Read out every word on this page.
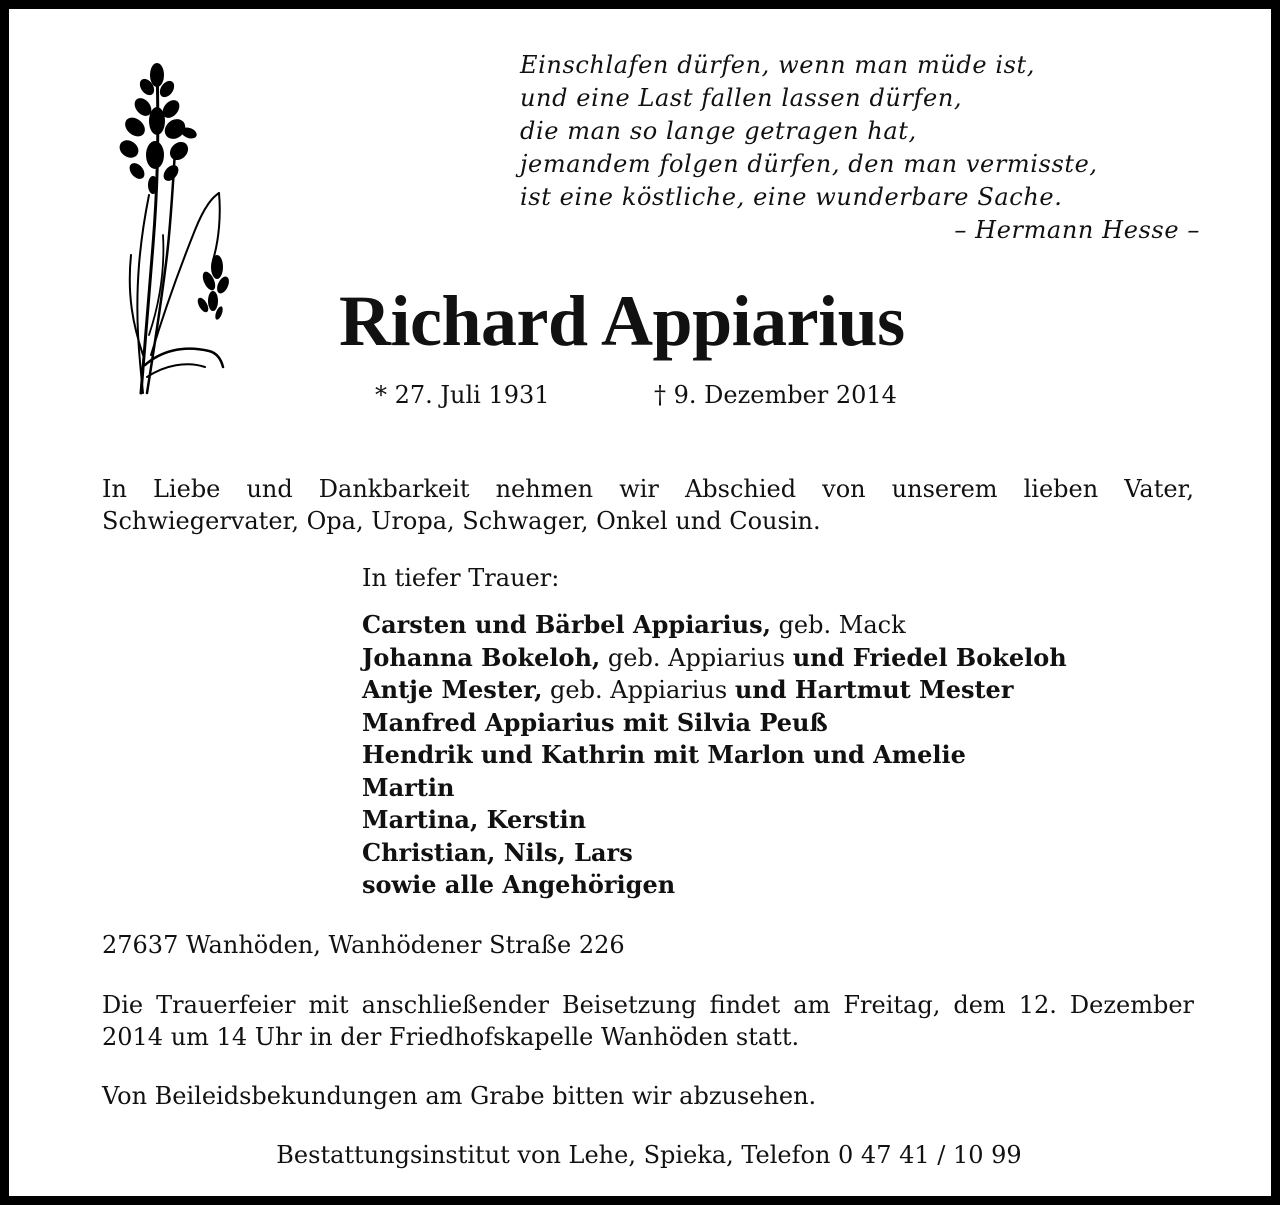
Einschlafen dürfen, wenn man müde ist,
und eine Last fallen lassen dürfen,
die man so lange getragen hat,
jemandem folgen dürfen, den man vermisste,
ist eine köstliche, eine wunderbare Sache.
– Hermann Hesse –
Richard Appiarius
* 27. Juli 1931	† 9. Dezember 2014
In Liebe und Dankbarkeit nehmen wir Abschied von unserem lieben Vater, Schwiegervater, Opa, Uropa, Schwager, Onkel und Cousin.
In tiefer Trauer:
Carsten und Bärbel Appiarius, geb. Mack
Johanna Bokeloh, geb. Appiarius und Friedel Bokeloh
Antje Mester, geb. Appiarius und Hartmut Mester
Manfred Appiarius mit Silvia Peuß
Hendrik und Kathrin mit Marlon und Amelie
Martin
Martina, Kerstin
Christian, Nils, Lars
sowie alle Angehörigen
27637 Wanhöden, Wanhödener Straße 226
Die Trauerfeier mit anschließender Beisetzung findet am Freitag, dem 12. Dezember 2014 um 14 Uhr in der Friedhofskapelle Wanhöden statt.
Von Beileidsbekundungen am Grabe bitten wir abzusehen.
Bestattungsinstitut von Lehe, Spieka, Telefon 0 47 41 / 10 99
